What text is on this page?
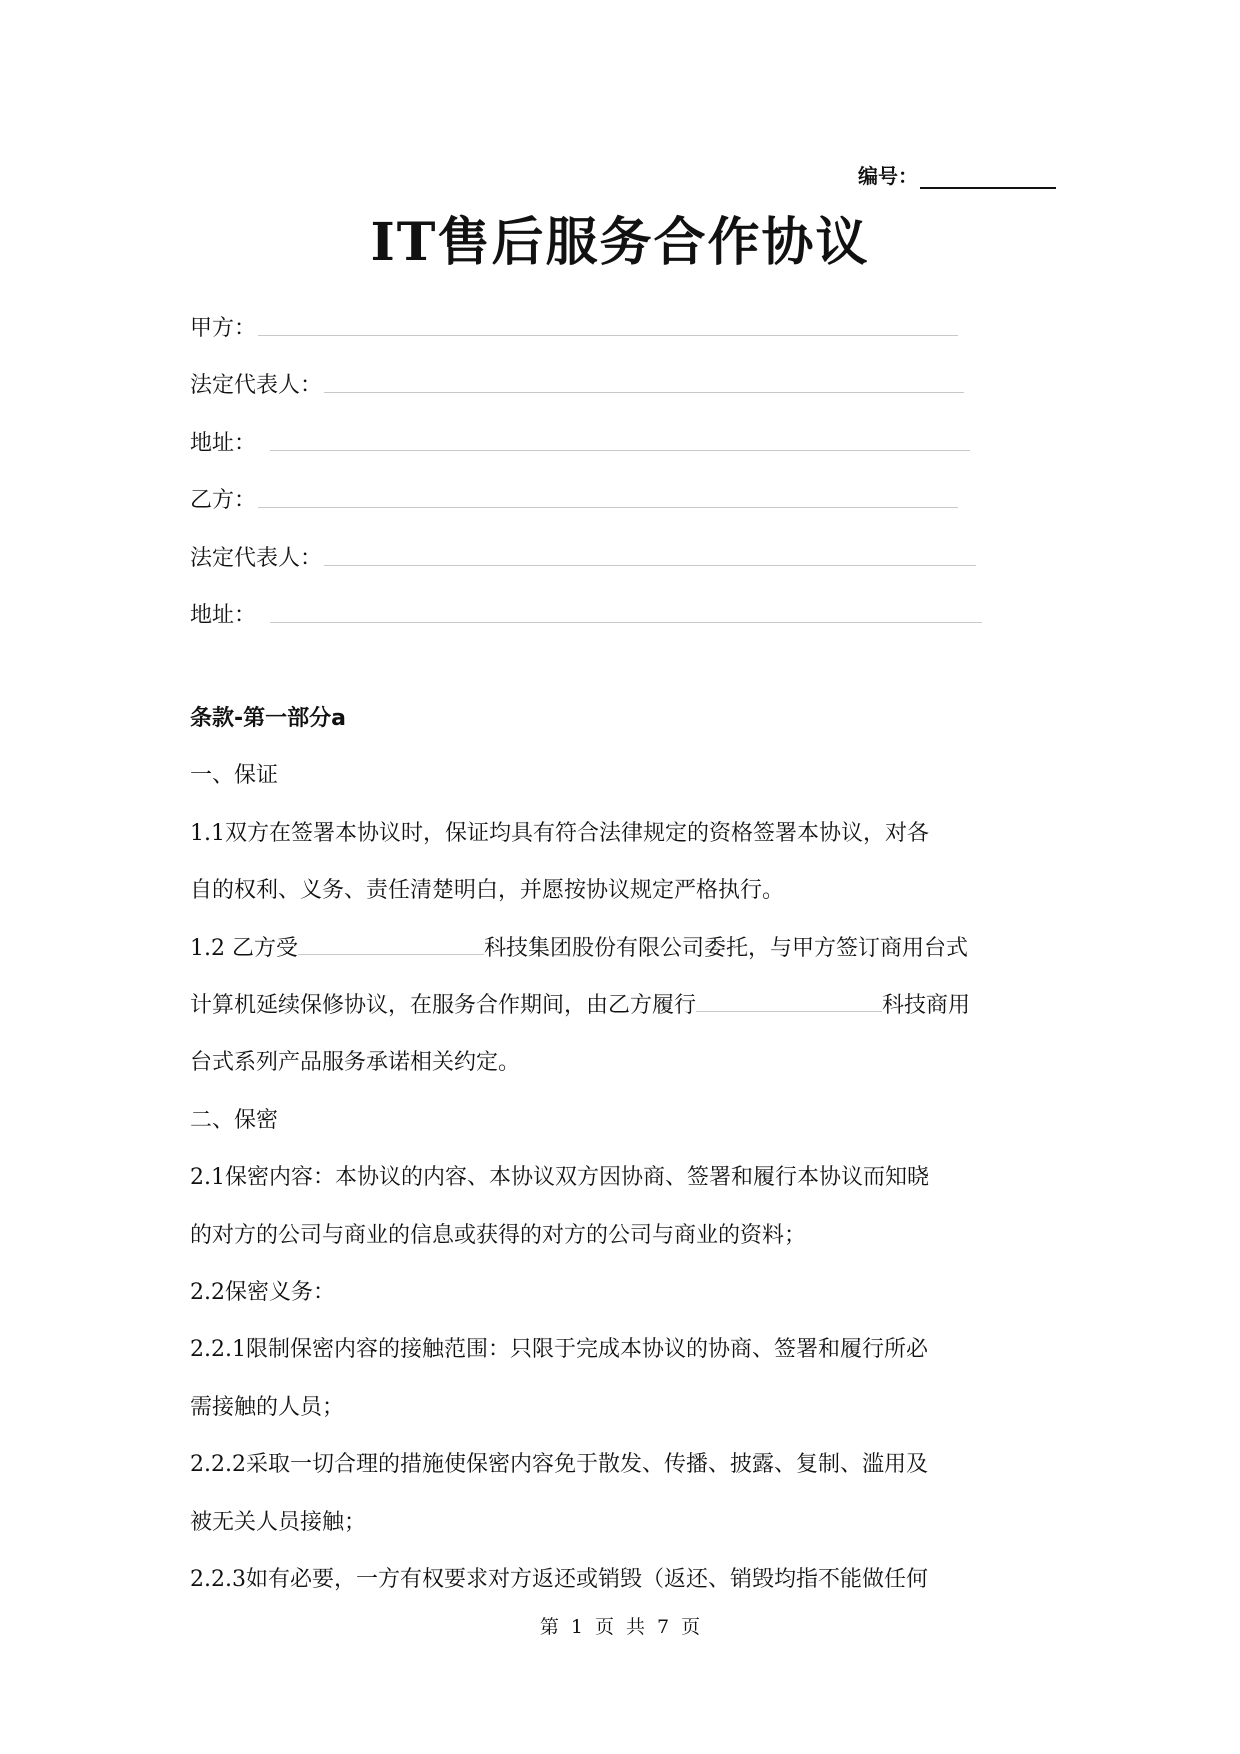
编号：
IT售后服务合作协议
甲方：
法定代表人：
地址：
乙方：
法定代表人：
地址：

条款-第一部分a

一、保证

1.1双方在签署本协议时，保证均具有符合法律规定的资格签署本协议，对各

自的权利、义务、责任清楚明白，并愿按协议规定严格执行。

1.2 乙方受	科技集团股份有限公司委托，与甲方签订商用台式

计算机延续保修协议，在服务合作期间，由乙方履行	科技商用

台式系列产品服务承诺相关约定。

二、保密

2.1保密内容：本协议的内容、本协议双方因协商、签署和履行本协议而知晓

的对方的公司与商业的信息或获得的对方的公司与商业的资料；

2.2保密义务：

2.2.1限制保密内容的接触范围：只限于完成本协议的协商、签署和履行所必

需接触的人员；

2.2.2采取一切合理的措施使保密内容免于散发、传播、披露、复制、滥用及

被无关人员接触；

2.2.3如有必要，一方有权要求对方返还或销毁（返还、销毁均指不能做任何

第 1 页 共 7 页
